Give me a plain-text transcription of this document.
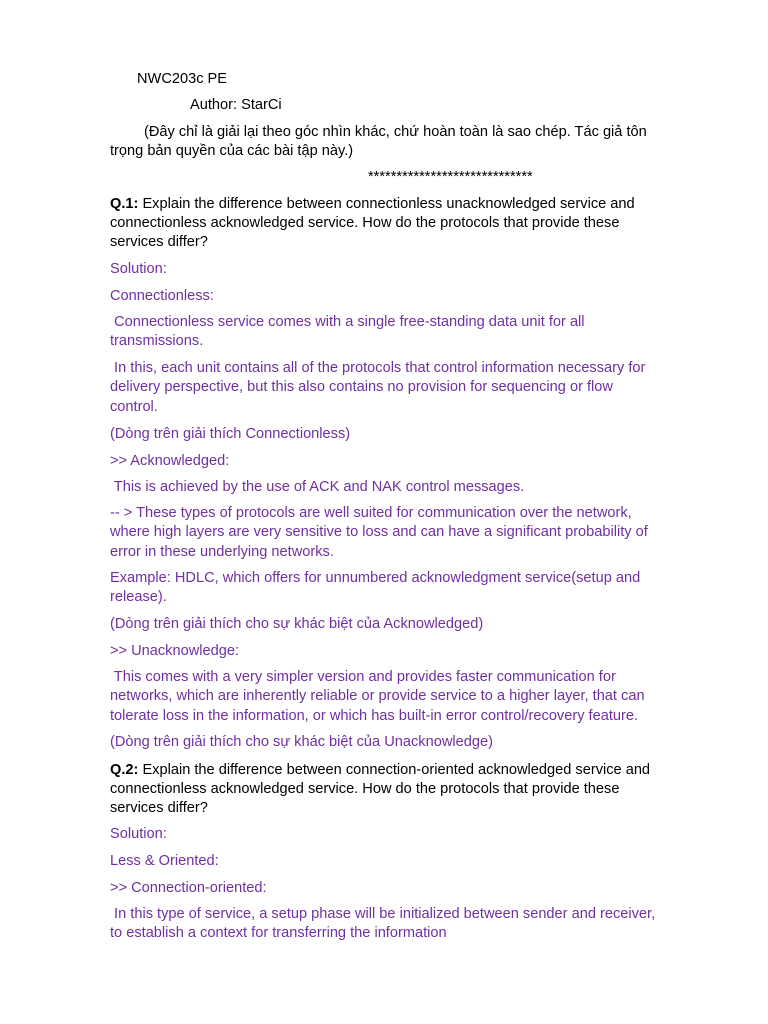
NWC203c PE
Author: StarCi
(Đây chỉ là giải lại theo góc nhìn khác, chứ hoàn toàn là sao chép. Tác giả tôn
trọng bản quyền của các bài tập này.)
*****************************
Q.1: Explain the difference between connectionless unacknowledged service and
connectionless acknowledged service. How do the protocols that provide these
services differ?
Solution:
Connectionless:
Connectionless service comes with a single free-standing data unit for all
transmissions.
In this, each unit contains all of the protocols that control information necessary for
delivery perspective, but this also contains no provision for sequencing or flow
control.
(Dòng trên giải thích Connectionless)
>> Acknowledged:
This is achieved by the use of ACK and NAK control messages.
-- > These types of protocols are well suited for communication over the network,
where high layers are very sensitive to loss and can have a significant probability of
error in these underlying networks.
Example: HDLC, which offers for unnumbered acknowledgment service(setup and
release).
(Dòng trên giải thích cho sự khác biệt của Acknowledged)
>> Unacknowledge:
This comes with a very simpler version and provides faster communication for
networks, which are inherently reliable or provide service to a higher layer, that can
tolerate loss in the information, or which has built-in error control/recovery feature.
(Dòng trên giải thích cho sự khác biệt của Unacknowledge)
Q.2: Explain the difference between connection-oriented acknowledged service and
connectionless acknowledged service. How do the protocols that provide these
services differ?
Solution:
Less & Oriented:
>> Connection-oriented:
In this type of service, a setup phase will be initialized between sender and receiver,
to establish a context for transferring the information
